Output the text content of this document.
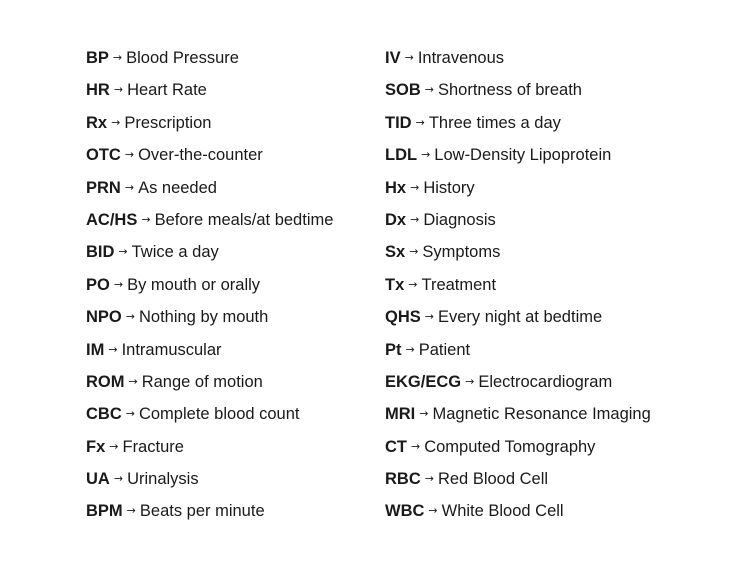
BP → Blood Pressure
HR → Heart Rate
Rx → Prescription
OTC → Over-the-counter
PRN → As needed
AC/HS → Before meals/at bedtime
BID → Twice a day
PO → By mouth or orally
NPO → Nothing by mouth
IM → Intramuscular
ROM → Range of motion
CBC → Complete blood count
Fx → Fracture
UA → Urinalysis
BPM → Beats per minute
IV → Intravenous
SOB → Shortness of breath
TID → Three times a day
LDL → Low-Density Lipoprotein
Hx → History
Dx → Diagnosis
Sx → Symptoms
Tx → Treatment
QHS → Every night at bedtime
Pt → Patient
EKG/ECG → Electrocardiogram
MRI → Magnetic Resonance Imaging
CT → Computed Tomography
RBC → Red Blood Cell
WBC → White Blood Cell
